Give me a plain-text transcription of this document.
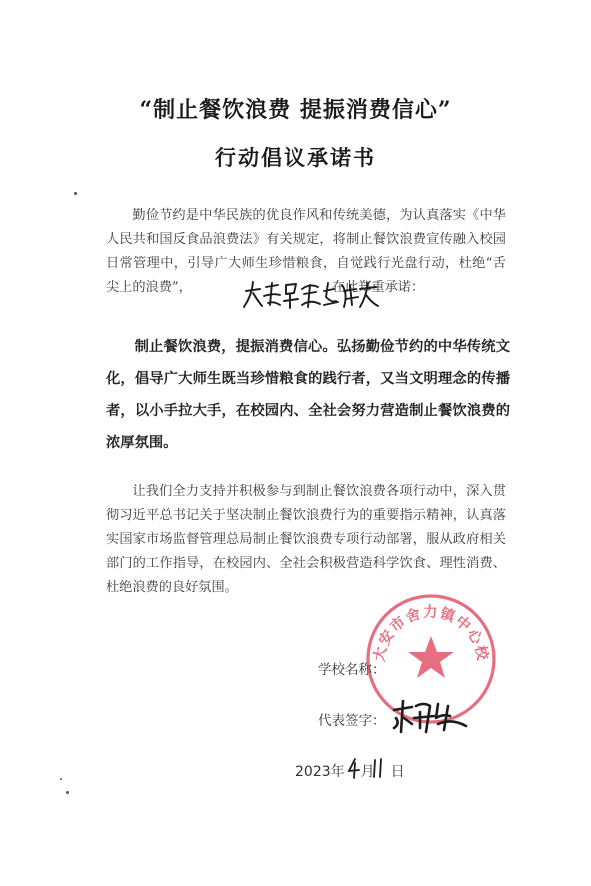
“制止餐饮浪费 提振消费信心”
行动倡议承诺书
勤俭节约是中华民族的优良作风和传统美德，为认真落实《中华人民共和国反食品浪费法》有关规定，将制止餐饮浪费宣传融入校园日常管理中，引导广大师生珍惜粮食，自觉践行光盘行动，杜绝“舌尖上的浪费”，	在此郑重承诺：
制止餐饮浪费，提振消费信心。弘扬勤俭节约的中华传统文化，倡导广大师生既当珍惜粮食的践行者，又当文明理念的传播者，以小手拉大手，在校园内、全社会努力营造制止餐饮浪费的浓厚氛围。
让我们全力支持并积极参与到制止餐饮浪费各项行动中，深入贯彻习近平总书记关于坚决制止餐饮浪费行为的重要指示精神，认真落实国家市场监督管理总局制止餐饮浪费专项行动部署，服从政府相关部门的工作指导，在校园内、全社会积极营造科学饮食、理性消费、杜绝浪费的良好氛围。
大安市舍力镇中心校
学校名称：
代表签字：
2023年 月 日
